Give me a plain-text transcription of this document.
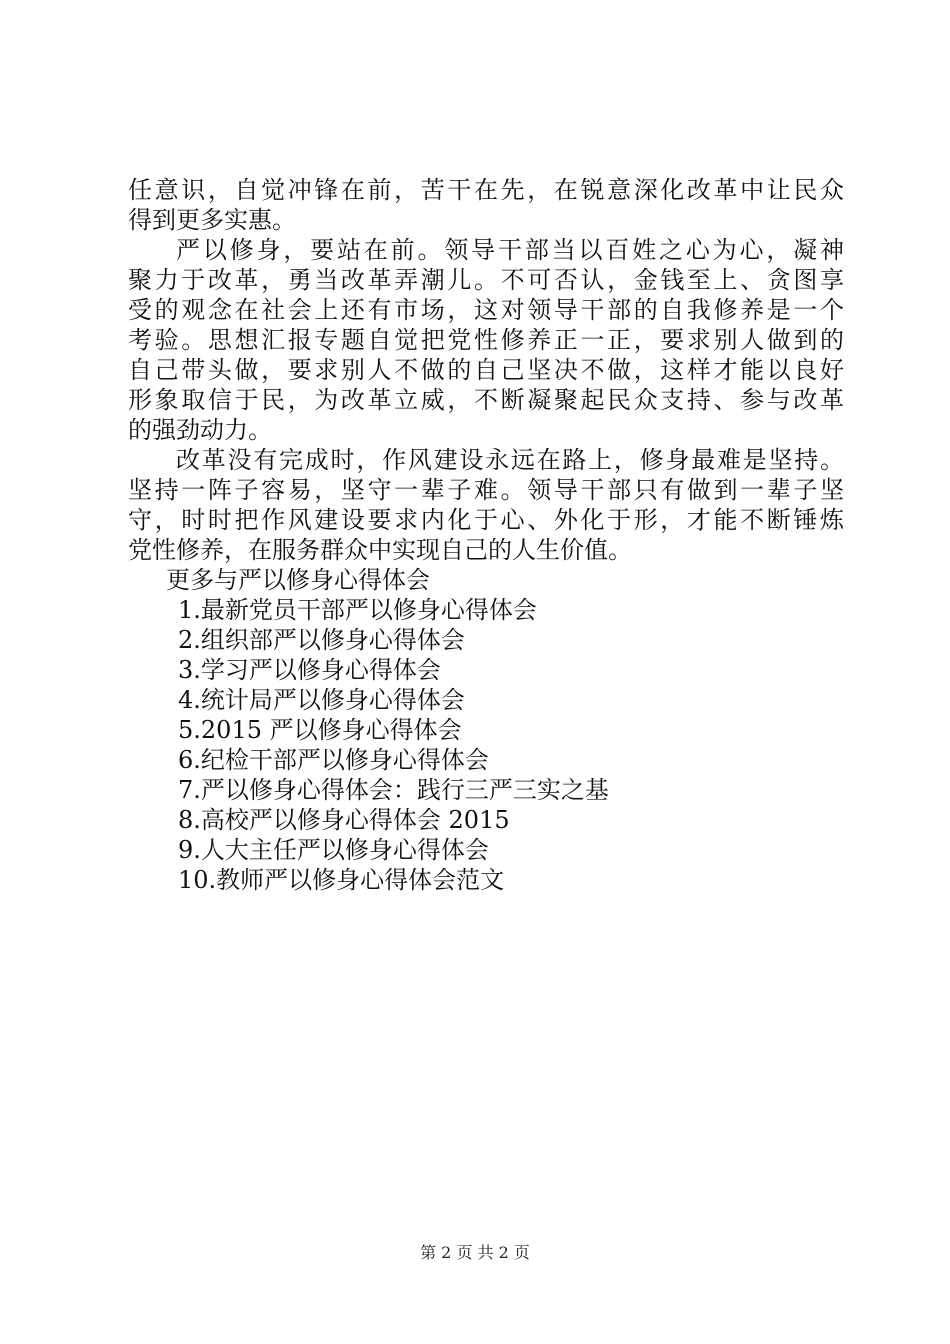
任意识，自觉冲锋在前，苦干在先，在锐意深化改革中让民众
得到更多实惠。
严以修身，要站在前。领导干部当以百姓之心为心，凝神
聚力于改革，勇当改革弄潮儿。不可否认，金钱至上、贪图享
受的观念在社会上还有市场，这对领导干部的自我修养是一个
考验。思想汇报专题自觉把党性修养正一正，要求别人做到的
自己带头做，要求别人不做的自己坚决不做，这样才能以良好
形象取信于民，为改革立威，不断凝聚起民众支持、参与改革
的强劲动力。
改革没有完成时，作风建设永远在路上，修身最难是坚持。
坚持一阵子容易，坚守一辈子难。领导干部只有做到一辈子坚
守，时时把作风建设要求内化于心、外化于形，才能不断锤炼
党性修养，在服务群众中实现自己的人生价值。
更多与严以修身心得体会
1.最新党员干部严以修身心得体会
2.组织部严以修身心得体会
3.学习严以修身心得体会
4.统计局严以修身心得体会
5.2015 严以修身心得体会
6.纪检干部严以修身心得体会
7.严以修身心得体会：践行三严三实之基
8.高校严以修身心得体会 2015
9.人大主任严以修身心得体会
10.教师严以修身心得体会范文
第 2 页 共 2 页
